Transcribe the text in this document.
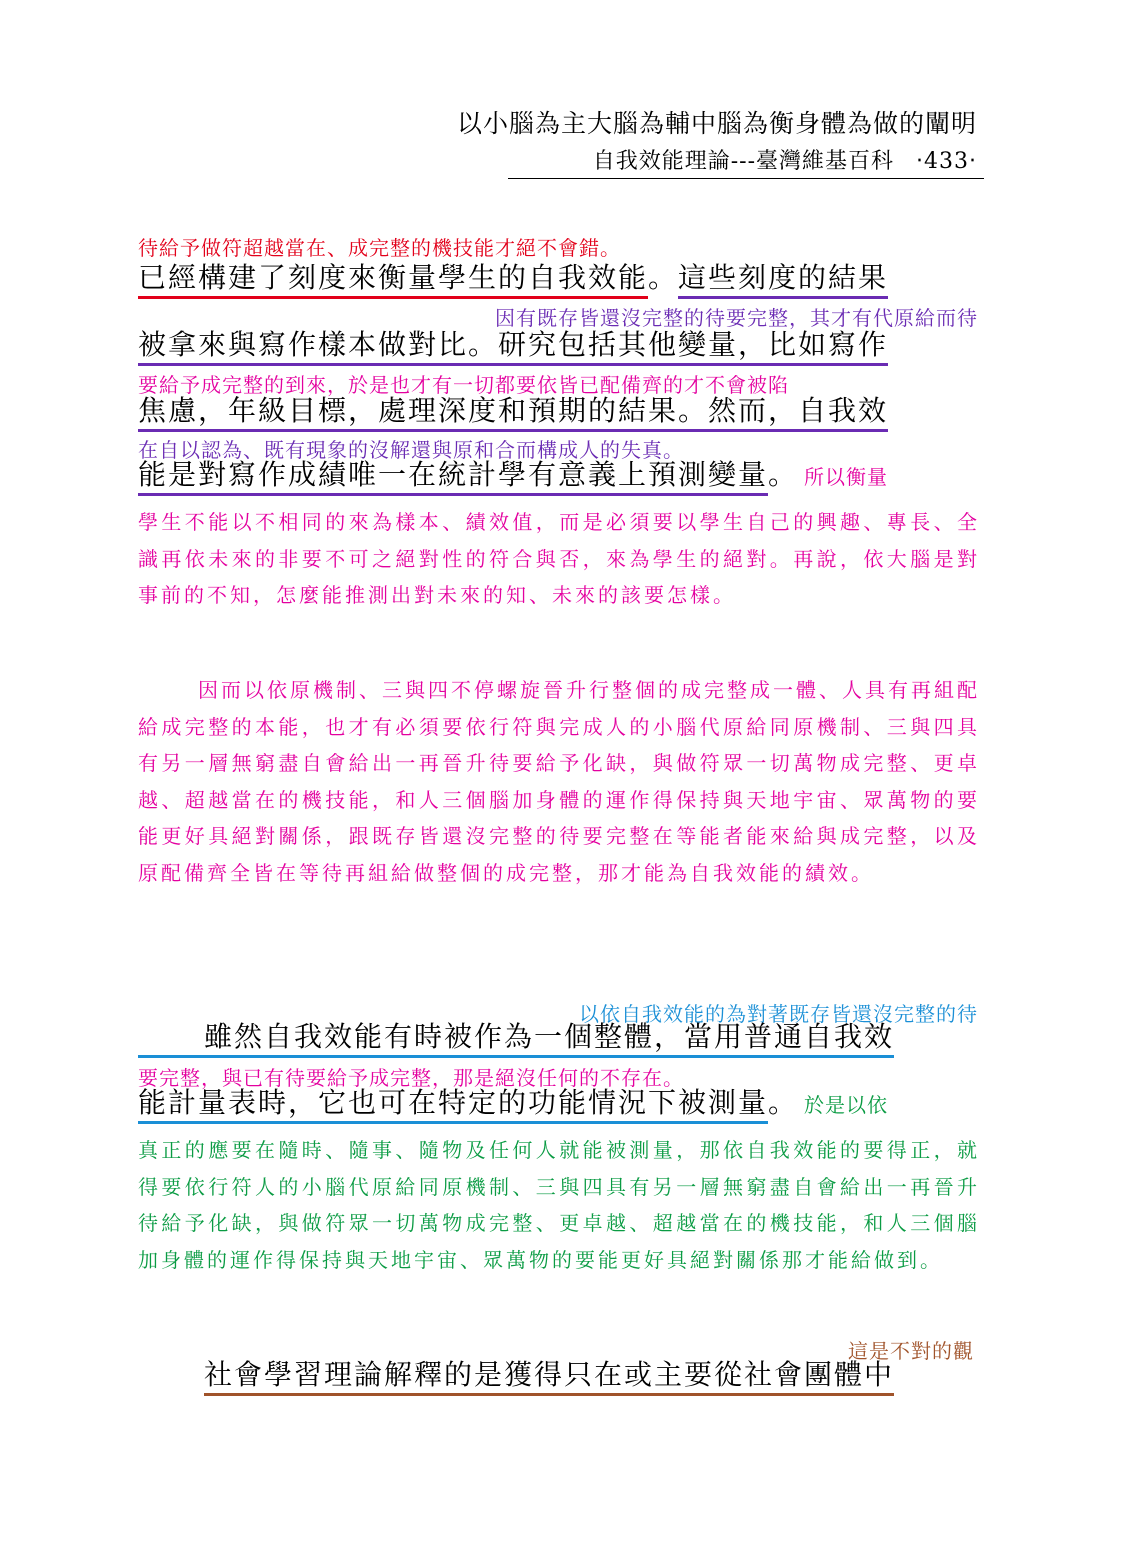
以小腦為主大腦為輔中腦為衡身體為做的闡明
自我效能理論---臺灣維基百科 ‧433‧
待給予做符超越當在、成完整的機技能才絕不會錯。
已經構建了刻度來衡量學生的自我效能。這些刻度的結果
因有既存皆還沒完整的待要完整，其才有代原給而待
被拿來與寫作樣本做對比。研究包括其他變量，比如寫作
要給予成完整的到來，於是也才有一切都要依皆已配備齊的才不會被陷
焦慮，年級目標，處理深度和預期的結果。然而，自我效
在自以認為、既有現象的沒解還與原和合而構成人的失真。
能是對寫作成績唯一在統計學有意義上預測變量。 所以衡量
學生不能以不相同的來為樣本、績效值，而是必須要以學生自己的興趣、專長、全識再依未來的非要不可之絕對性的符合與否，來為學生的絕對。再說，依大腦是對事前的不知，怎麼能推測出對未來的知、未來的該要怎樣。
因而以依原機制、三與四不停螺旋晉升行整個的成完整成一體、人具有再組配給成完整的本能，也才有必須要依行符與完成人的小腦代原給同原機制、三與四具有另一層無窮盡自會給出一再晉升待要給予化缺，與做符眾一切萬物成完整、更卓越、超越當在的機技能，和人三個腦加身體的運作得保持與天地宇宙、眾萬物的要能更好具絕對關係，跟既存皆還沒完整的待要完整在等能者能來給與成完整，以及原配備齊全皆在等待再組給做整個的成完整，那才能為自我效能的績效。
以依自我效能的為對著既存皆還沒完整的待
雖然自我效能有時被作為一個整體，當用普通自我效
要完整，與已有待要給予成完整，那是絕沒任何的不存在。
能計量表時，它也可在特定的功能情況下被測量。 於是以依
真正的應要在隨時、隨事、隨物及任何人就能被測量，那依自我效能的要得正，就得要依行符人的小腦代原給同原機制、三與四具有另一層無窮盡自會給出一再晉升待給予化缺，與做符眾一切萬物成完整、更卓越、超越當在的機技能，和人三個腦加身體的運作得保持與天地宇宙、眾萬物的要能更好具絕對關係那才能給做到。
這是不對的觀
社會學習理論解釋的是獲得只在或主要從社會團體中
